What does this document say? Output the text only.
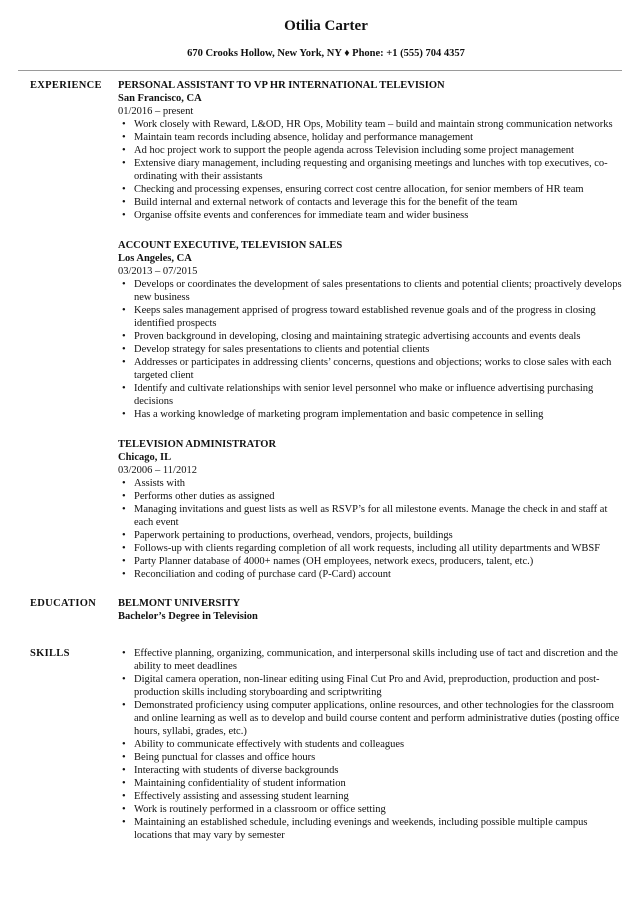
Otilia Carter
670 Crooks Hollow, New York, NY ♦ Phone: +1 (555) 704 4357
EXPERIENCE	PERSONAL ASSISTANT TO VP HR INTERNATIONAL TELEVISION
San Francisco, CA
01/2016 – present
• Work closely with Reward, L&OD, HR Ops, Mobility team – build and maintain strong communication networks
• Maintain team records including absence, holiday and performance management
• Ad hoc project work to support the people agenda across Television including some project management
• Extensive diary management, including requesting and organising meetings and lunches with top executives, co-ordinating with their assistants
• Checking and processing expenses, ensuring correct cost centre allocation, for senior members of HR team
• Build internal and external network of contacts and leverage this for the benefit of the team
• Organise offsite events and conferences for immediate team and wider business
ACCOUNT EXECUTIVE, TELEVISION SALES
Los Angeles, CA
03/2013 – 07/2015
• Develops or coordinates the development of sales presentations to clients and potential clients; proactively develops new business
• Keeps sales management apprised of progress toward established revenue goals and of the progress in closing identified prospects
• Proven background in developing, closing and maintaining strategic advertising accounts and events deals
• Develop strategy for sales presentations to clients and potential clients
• Addresses or participates in addressing clients’ concerns, questions and objections; works to close sales with each targeted client
• Identify and cultivate relationships with senior level personnel who make or influence advertising purchasing decisions
• Has a working knowledge of marketing program implementation and basic competence in selling
TELEVISION ADMINISTRATOR
Chicago, IL
03/2006 – 11/2012
• Assists with
• Performs other duties as assigned
• Managing invitations and guest lists as well as RSVP’s for all milestone events. Manage the check in and staff at each event
• Paperwork pertaining to productions, overhead, vendors, projects, buildings
• Follows-up with clients regarding completion of all work requests, including all utility departments and WBSF
• Party Planner database of 4000+ names (OH employees, network execs, producers, talent, etc.)
• Reconciliation and coding of purchase card (P-Card) account
EDUCATION	BELMONT UNIVERSITY
Bachelor’s Degree in Television
SKILLS
•	Effective planning, organizing, communication, and interpersonal skills including use of tact and discretion and the ability to meet deadlines
• Digital camera operation, non-linear editing using Final Cut Pro and Avid, preproduction, production and post-production skills including storyboarding and scriptwriting
• Demonstrated proficiency using computer applications, online resources, and other technologies for the classroom and online learning as well as to develop and build course content and perform administrative duties (posting office hours, syllabi, grades, etc.)
• Ability to communicate effectively with students and colleagues
• Being punctual for classes and office hours
• Interacting with students of diverse backgrounds
• Maintaining confidentiality of student information
• Effectively assisting and assessing student learning
• Work is routinely performed in a classroom or office setting
• Maintaining an established schedule, including evenings and weekends, including possible multiple campus locations that may vary by semester
